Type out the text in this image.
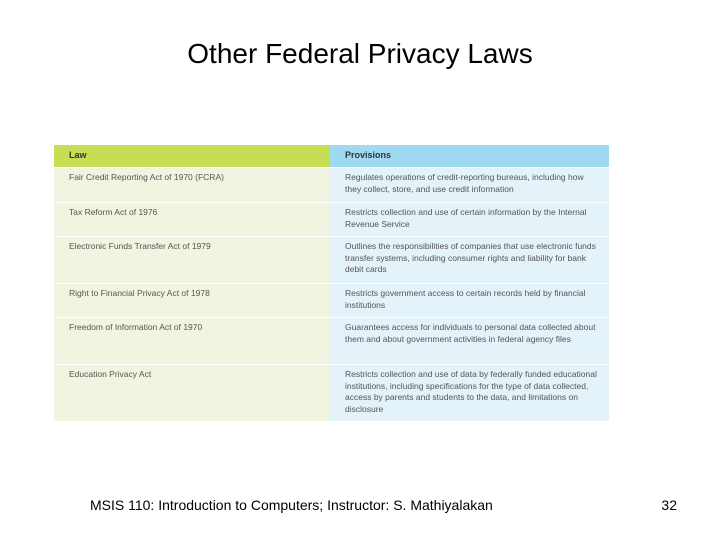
Other Federal Privacy Laws
Law	Provisions
Fair Credit Reporting Act of 1970 (FCRA)	Regulates operations of credit-reporting bureaus, including how they collect, store, and use credit information
Tax Reform Act of 1976	Restricts collection and use of certain information by the Internal Revenue Service
Electronic Funds Transfer Act of 1979	Outlines the responsibilities of companies that use electronic funds transfer systems, including consumer rights and liability for bank debit cards
Right to Financial Privacy Act of 1978	Restricts government access to certain records held by financial institutions
Freedom of Information Act of 1970	Guarantees access for individuals to personal data collected about them and about government activities in federal agency files
Education Privacy Act	Restricts collection and use of data by federally funded educational institutions, including specifications for the type of data collected, access by parents and students to the data, and limitations on disclosure
MSIS 110: Introduction to Computers; Instructor: S. Mathiyalakan	32
